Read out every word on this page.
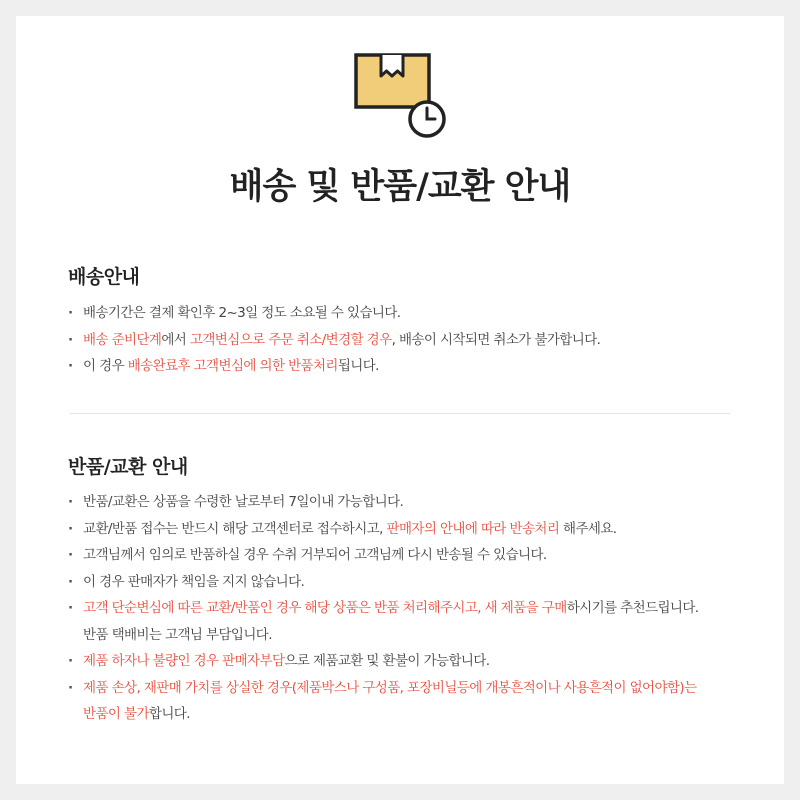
배송 및 반품/교환 안내
배송안내
· 배송기간은 결제 확인후 2~3일 정도 소요될 수 있습니다.
· 배송 준비단계에서 고객변심으로 주문 취소/변경할 경우, 배송이 시작되면 취소가 불가합니다.
· 이 경우 배송완료후 고객변심에 의한 반품처리됩니다.
반품/교환 안내
· 반품/교환은 상품을 수령한 날로부터 7일이내 가능합니다.
· 교환/반품 접수는 반드시 해당 고객센터로 접수하시고, 판매자의 안내에 따라 반송처리 해주세요.
· 고객님께서 임의로 반품하실 경우 수취 거부되어 고객님께 다시 반송될 수 있습니다.
· 이 경우 판매자가 책임을 지지 않습니다.
· 고객 단순변심에 따른 교환/반품인 경우 해당 상품은 반품 처리해주시고, 새 제품을 구매하시기를 추천드립니다.
반품 택배비는 고객님 부담입니다.
· 제품 하자나 불량인 경우 판매자부담으로 제품교환 및 환불이 가능합니다.
· 제품 손상, 재판매 가치를 상실한 경우(제품박스나 구성품, 포장비닐등에 개봉흔적이나 사용흔적이 없어야함)는
반품이 불가합니다.
